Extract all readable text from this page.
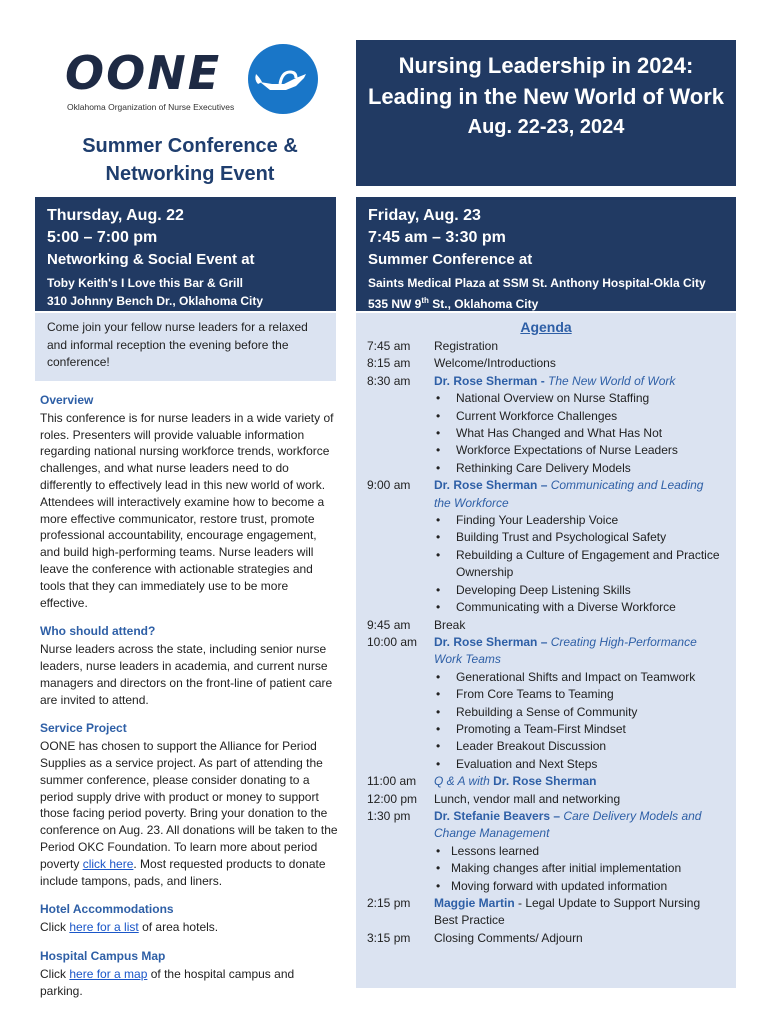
OONE
Oklahoma Organization of Nurse Executives
Summer Conference & Networking Event
Nursing Leadership in 2024: Leading in the New World of Work
Aug. 22-23, 2024
Thursday, Aug. 22
5:00 – 7:00 pm
Networking & Social Event at
Toby Keith's I Love this Bar & Grill
310 Johnny Bench Dr., Oklahoma City
Friday, Aug. 23
7:45 am – 3:30 pm
Summer Conference at
Saints Medical Plaza at SSM St. Anthony Hospital-Okla City
535 NW 9th St., Oklahoma City
Come join your fellow nurse leaders for a relaxed and informal reception the evening before the conference!
Overview

This conference is for nurse leaders in a wide variety of roles. Presenters will provide valuable information regarding national nursing workforce trends, workforce challenges, and what nurse leaders need to do differently to effectively lead in this new world of work. Attendees will interactively examine how to become a more effective communicator, restore trust, promote professional accountability, encourage engagement, and build high-performing teams. Nurse leaders will leave the conference with actionable strategies and tools that they can immediately use to be more effective.

Who should attend?

Nurse leaders across the state, including senior nurse leaders, nurse leaders in academia, and current nurse managers and directors on the front-line of patient care are invited to attend.

Service Project

OONE has chosen to support the Alliance for Period Supplies as a service project. As part of attending the summer conference, please consider donating to a period supply drive with product or money to support those facing period poverty. Bring your donation to the conference on Aug. 23. All donations will be taken to the Period OKC Foundation. To learn more about period poverty click here. Most requested products to donate include tampons, pads, and liners.

Hotel Accommodations

Click here for a list of area hotels.

Hospital Campus Map

Click here for a map of the hospital campus and parking.

Agenda
7:45 am	Registration
8:15 am	Welcome/Introductions
8:30 am	Dr. Rose Sherman - The New World of Work
• National Overview on Nurse Staffing
• Current Workforce Challenges
• What Has Changed and What Has Not
• Workforce Expectations of Nurse Leaders
• Rethinking Care Delivery Models
9:00 am	Dr. Rose Sherman – Communicating and Leading the Workforce
• Finding Your Leadership Voice
• Building Trust and Psychological Safety
• Rebuilding a Culture of Engagement and Practice Ownership
• Developing Deep Listening Skills
• Communicating with a Diverse Workforce
9:45 am	Break
10:00 am	Dr. Rose Sherman – Creating High-Performance Work Teams
• Generational Shifts and Impact on Teamwork
• From Core Teams to Teaming
• Rebuilding a Sense of Community
• Promoting a Team-First Mindset
• Leader Breakout Discussion
• Evaluation and Next Steps
11:00 am	Q & A with Dr. Rose Sherman
12:00 pm	Lunch, vendor mall and networking
1:30 pm	Dr. Stefanie Beavers – Care Delivery Models and Change Management
• Lessons learned
• Making changes after initial implementation
• Moving forward with updated information
2:15 pm	Maggie Martin - Legal Update to Support Nursing Best Practice
3:15 pm	Closing Comments/ Adjourn
